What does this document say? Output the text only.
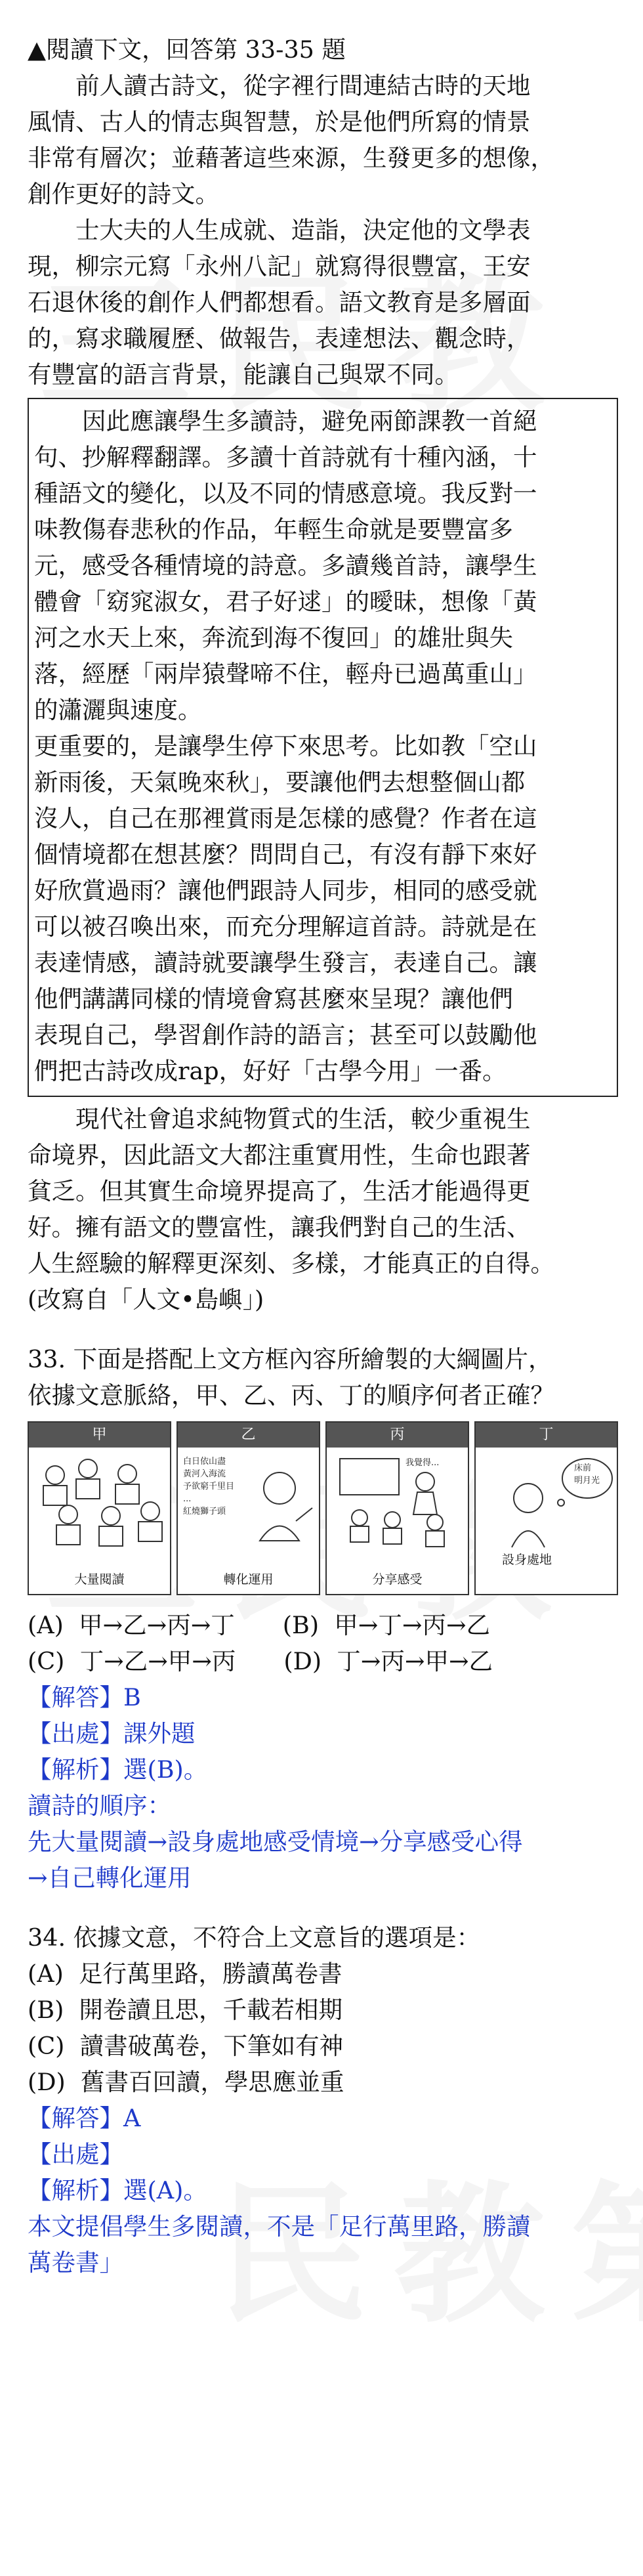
▲閱讀下文，回答第 33-35 題

　　前人讀古詩文，從字裡行間連結古時的天地

風情、古人的情志與智慧，於是他們所寫的情景

非常有層次；並藉著這些來源，生發更多的想像，

創作更好的詩文。

　　士大夫的人生成就、造詣，決定他的文學表

現，柳宗元寫「永州八記」就寫得很豐富，王安

石退休後的創作人們都想看。語文教育是多層面

的，寫求職履歷、做報告，表達想法、觀念時，

有豐富的語言背景，能讓自己與眾不同。

　　因此應讓學生多讀詩，避免兩節課教一首絕

句、抄解釋翻譯。多讀十首詩就有十種內涵，十

種語文的變化，以及不同的情感意境。我反對一

味教傷春悲秋的作品，年輕生命就是要豐富多

元，感受各種情境的詩意。多讀幾首詩，讓學生

體會「窈窕淑女，君子好逑」的曖昧，想像「黃

河之水天上來，奔流到海不復回」的雄壯與失

落，經歷「兩岸猿聲啼不住，輕舟已過萬重山」

的瀟灑與速度。

更重要的，是讓學生停下來思考。比如教「空山

新雨後，天氣晚來秋」，要讓他們去想整個山都

沒人，自己在那裡賞雨是怎樣的感覺？作者在這

個情境都在想甚麼？問問自己，有沒有靜下來好

好欣賞過雨？讓他們跟詩人同步，相同的感受就

可以被召喚出來，而充分理解這首詩。詩就是在

表達情感，讀詩就要讓學生發言，表達自己。讓

他們講講同樣的情境會寫甚麼來呈現？讓他們

表現自己，學習創作詩的語言；甚至可以鼓勵他

們把古詩改成rap，好好「古學今用」一番。

　　現代社會追求純物質式的生活，較少重視生

命境界，因此語文大都注重實用性，生命也跟著

貧乏。但其實生命境界提高了，生活才能過得更

好。擁有語文的豐富性，讓我們對自己的生活、

人生經驗的解釋更深刻、多樣，才能真正的自得。

(改寫自「人文•島嶼」)

33. 下面是搭配上文方框內容所繪製的大綱圖片，

依據文意脈絡，甲、乙、丙、丁的順序何者正確？

甲
大量閱讀
乙
白日依山盡
黃河入海流
予欲窮千里目
...
紅燒獅子頭
轉化運用
丙
我覺得...
分享感受
丁
床前
明月光
設身處地

(A)  甲→乙→丙→丁　　(B)  甲→丁→丙→乙

(C)  丁→乙→甲→丙　　(D)  丁→丙→甲→乙

【解答】B

【出處】課外題

【解析】選(B)。

讀詩的順序：

先大量閱讀→設身處地感受情境→分享感受心得

→自己轉化運用

34. 依據文意，不符合上文意旨的選項是：

(A)  足行萬里路，勝讀萬卷書

(B)  開卷讀且思，千載若相期

(C)  讀書破萬卷，下筆如有神

(D)  舊書百回讀，學思應並重

【解答】A

【出處】

【解析】選(A)。

本文提倡學生多閱讀，不是「足行萬里路，勝讀

萬卷書」
